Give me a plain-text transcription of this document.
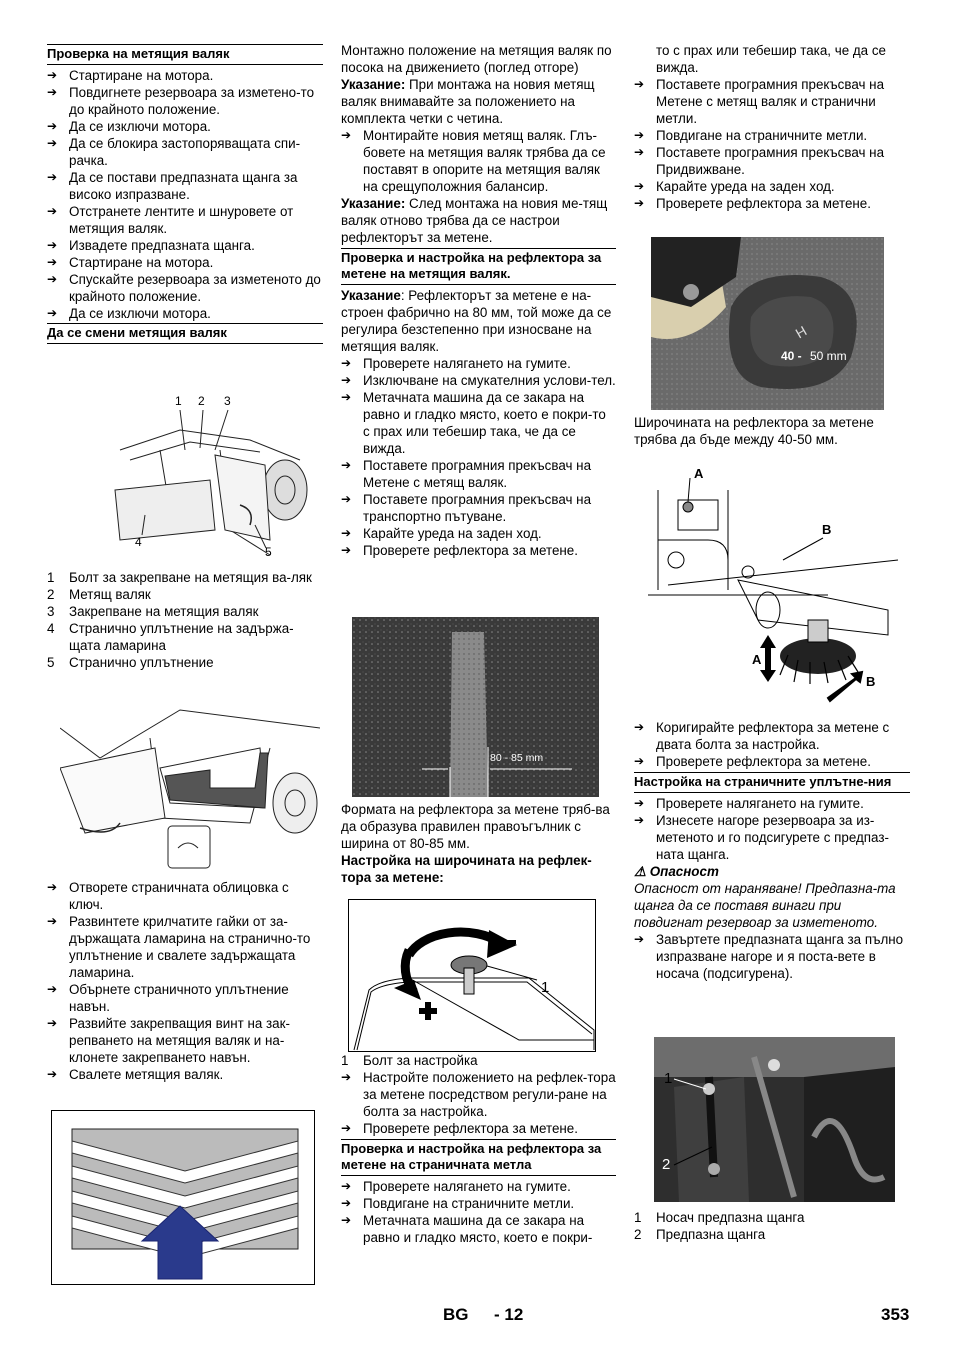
Проверка на метящия валяк
➔ Стартиране на мотора.
➔ Повдигнете резервоара за изметено-то до крайното положение.
➔ Да се изключи мотора.
➔ Да се блокира застопоряващата спи-рачка.
➔ Да се постави предпазната щанга за високо изпразване.
➔ Отстранете лентите и шнуровете от метящия валяк.
➔ Извадете предпазната щанга.
➔ Стартиране на мотора.
➔ Спускайте резервоара за изметеното до крайното положение.
➔ Да се изключи мотора.
Да се смени метящия валяк
1 2 3
4
5
1 Болт за закрепване на метящия ва-ляк
2 Метящ валяк
3 Закрепване на метящия валяк
4 Странично уплътнение на задържа-щата ламарина
5 Странично уплътнение
➔ Отворете страничната облицовка с ключ.
➔ Развинтете крилчатите гайки от за-държащата ламарина на странично-то уплътнение и свалете задържащата ламарина.
➔ Обърнете страничното уплътнение навън.
➔ Развийте закрепващия винт на зак-репването на метящия валяк и на-клонете закрепването навън.
➔ Свалете метящия валяк.

Монтажно положение на метящия валяк по посока на движението (поглед отгоре)

Указание: При монтажа на новия метящ валяк внимавайте за положението на комплекта четки с четина.

➔ Монтирайте новия метящ валяк. Глъ-бовете на метящия валяк трябва да се поставят в опорите на метящия валяк на срещуположния балансир.

Указание: След монтажа на новия ме-тящ валяк отново трябва да се настрои рефлекторът за метене.

Проверка и настройка на рефлектора за метене на метящия валяк.

Указание: Рефлекторът за метене е на-строен фабрично на 80 мм, той може да се регулира безстепенно при износване на метящия валяк.

➔ Проверете налягането на гумите.
➔ Изключване на смукателния услови-тел.
➔ Метачната машина да се закара на равно и гладко място, което е покри-то с прах или тебешир така, че да се вижда.
➔ Поставете програмния прекъсвач на Метене с метящ валяк.
➔ Поставете програмния прекъсвач на транспортно пътуване.
➔ Карайте уреда на заден ход.
➔ Проверете рефлектора за метене.
80 - 85 mm

Формата на рефлектора за метене тряб-ва да образува правилен правоъгълник с ширина от 80-85 мм.

Настройка на широчината на рефлек-тора за метене:

1
1 Болт за настройка
➔ Настройте положението на рефлек-тора за метене посредством регули-ране на болта за настройка.
➔ Проверете рефлектора за метене.
Проверка и настройка на рефлектора за метене на страничната метла
➔ Проверете налягането на гумите.
➔ Повдигане на страничните метли.
➔ Метачната машина да се закара на равно и гладко място, което е покри-

то с прах или тебешир така, че да се вижда.

➔ Поставете програмния прекъсвач на Метене с метящ валяк и странични метли.
➔ Повдигане на страничните метли.
➔ Поставете програмния прекъсвач на Придвижване.
➔ Карайте уреда на заден ход.
➔ Проверете рефлектора за метене.
H
40 - 50 mm

Широчината на рефлектора за метене трябва да бъде между 40-50 мм.

A
B
A
B
➔ Коригирайте рефлектора за метене с двата болта за настройка.
➔ Проверете рефлектора за метене.
Настройка на страничните уплътне-ния
➔ Проверете налягането на гумите.
➔ Изнесете нагоре резервоара за из-метеното и го подсигурете с предпаз-ната щанга.

⚠ Опасност

Опасност от нараняване! Предпазна-та щанга да се поставя винаги при повдигнат резервоар за изметеното.

➔ Завъртете предпазната щанга за пълно изпразване нагоре и я поста-вете в носача (подсигурена).
1
2
1 Носач предпазна щанга
2 Предпазна щанга
BG - 12	353
